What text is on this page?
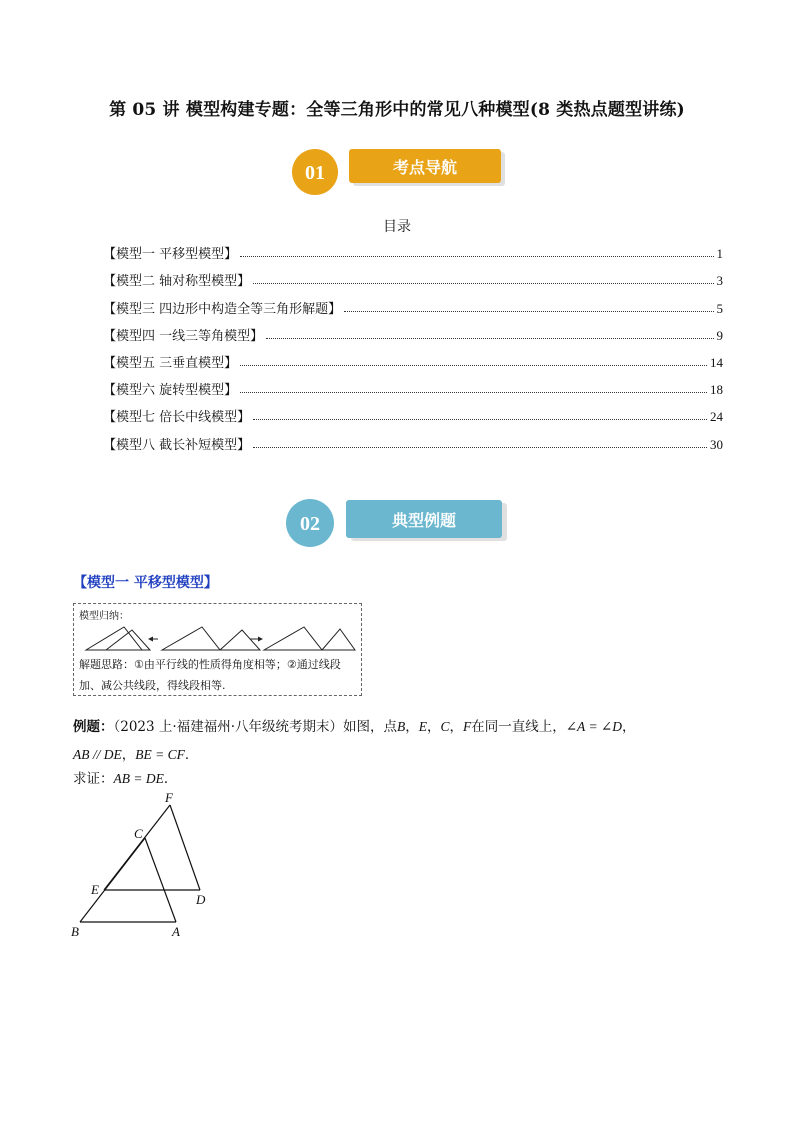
第 05 讲 模型构建专题：全等三角形中的常见八种模型(8 类热点题型讲练)
01	考点导航
目录
【模型一 平移型模型】	1
【模型二 轴对称型模型】	3
【模型三 四边形中构造全等三角形解题】	5
【模型四 一线三等角模型】	9
【模型五 三垂直模型】	14
【模型六 旋转型模型】	18
【模型七 倍长中线模型】	24
【模型八 截长补短模型】	30
02	典型例题
【模型一 平移型模型】
模型归纳：
解题思路：①由平行线的性质得角度相等；②通过线段加、减公共线段，得线段相等.
例题：（2023 上·福建福州·八年级统考期末）如图，点B，E，C，F在同一直线上，∠A = ∠D，
AB // DE，BE = CF．
求证：AB = DE．
F
C
E
D
B	A
